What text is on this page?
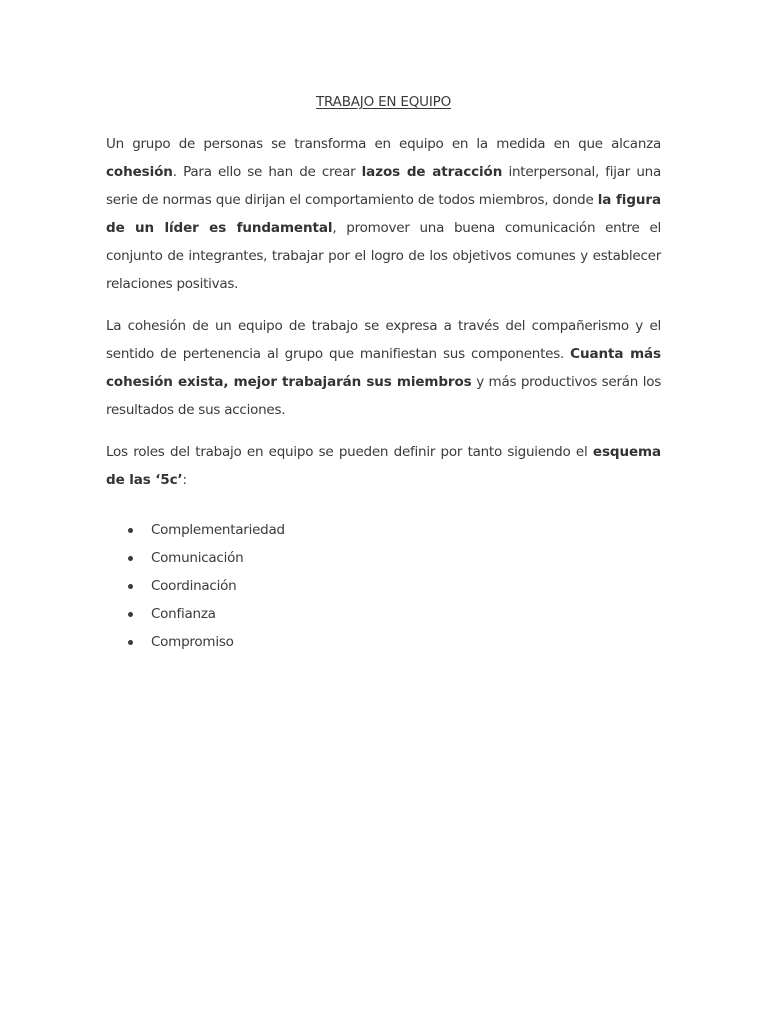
TRABAJO EN EQUIPO

Un grupo de personas se transforma en equipo en la medida en que alcanza cohesión. Para ello se han de crear lazos de atracción interpersonal, fijar una serie de normas que dirijan el comportamiento de todos miembros, donde la figura de un líder es fundamental, promover una buena comunicación entre el conjunto de integrantes, trabajar por el logro de los objetivos comunes y establecer relaciones positivas.

La cohesión de un equipo de trabajo se expresa a través del compañerismo y el sentido de pertenencia al grupo que manifiestan sus componentes. Cuanta más cohesión exista, mejor trabajarán sus miembros y más productivos serán los resultados de sus acciones.

Los roles del trabajo en equipo se pueden definir por tanto siguiendo el esquema de las ‘5c’:

Complementariedad
Comunicación
Coordinación
Confianza
Compromiso
